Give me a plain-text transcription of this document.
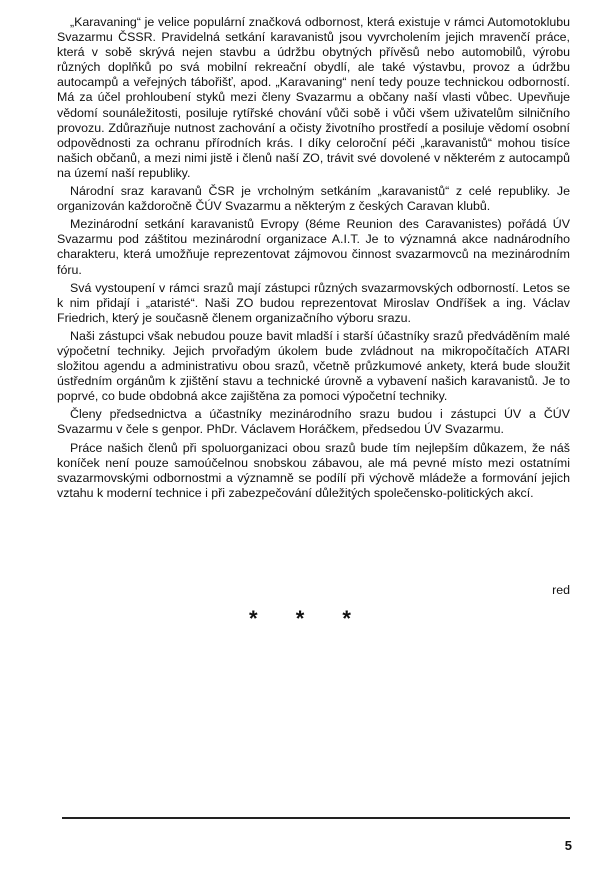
„Karavaning“ je velice populární značková odbornost, která existuje v rámci Automotoklubu Svazarmu ČSSR. Pravidelná setkání karavanistů jsou vyvrcholením jejich mravenčí práce, která v sobě skrývá nejen stavbu a údržbu obytných přívěsů nebo automobilů, výrobu různých doplňků po svá mobilní rekreační obydlí, ale také výstavbu, provoz a údržbu autocampů a veřejných tábořišť, apod. „Karavaning“ není tedy pouze technickou odborností. Má za účel prohloubení styků mezi členy Svazarmu a občany naší vlasti vůbec. Upevňuje vědomí sounáležitosti, posiluje rytířské chování vůči sobě i vůči všem uživatelům silničního provozu. Zdůrazňuje nutnost zachování a očisty životního prostředí a posiluje vědomí osobní odpovědnosti za ochranu přírodních krás. I díky celoroční péči „karavanistů“ mohou tisíce našich občanů, a mezi nimi jistě i členů naší ZO, trávit své dovolené v některém z autocampů na území naší republiky.

Národní sraz karavanů ČSR je vrcholným setkáním „karavanistů“ z celé republiky. Je organizován každoročně ČÚV Svazarmu a některým z českých Caravan klubů.

Mezinárodní setkání karavanistů Evropy (8éme Reunion des Caravanistes) pořádá ÚV Svazarmu pod záštitou mezinárodní organizace A.I.T. Je to významná akce nadnárodního charakteru, která umožňuje reprezentovat zájmovou činnost svazarmovců na mezinárodním fóru.

Svá vystoupení v rámci srazů mají zástupci různých svazarmovských odborností. Letos se k nim přidají i „ataristé“. Naši ZO budou reprezentovat Miroslav Ondříšek a ing. Václav Friedrich, který je současně členem organizačního výboru srazu.

Naši zástupci však nebudou pouze bavit mladší i starší účastníky srazů předváděním malé výpočetní techniky. Jejich prvořadým úkolem bude zvládnout na mikropočítačích ATARI složitou agendu a administrativu obou srazů, včetně průzkumové ankety, která bude sloužit ústředním orgánům k zjištění stavu a technické úrovně a vybavení našich karavanistů. Je to poprvé, co bude obdobná akce zajištěna za pomoci výpočetní techniky.

Členy předsednictva a účastníky mezinárodního srazu budou i zástupci ÚV a ČÚV Svazarmu v čele s genpor. PhDr. Václavem Horáčkem, předsedou ÚV Svazarmu.

Práce našich členů při spoluorganizaci obou srazů bude tím nejlepším důkazem, že náš koníček není pouze samoúčelnou snobskou zábavou, ale má pevné místo mezi ostatními svazarmovskými odbornostmi a významně se podílí při výchově mládeže a formování jejich vztahu k moderní technice i při zabezpečování důležitých společensko-politických akcí.

red
* * *
5
